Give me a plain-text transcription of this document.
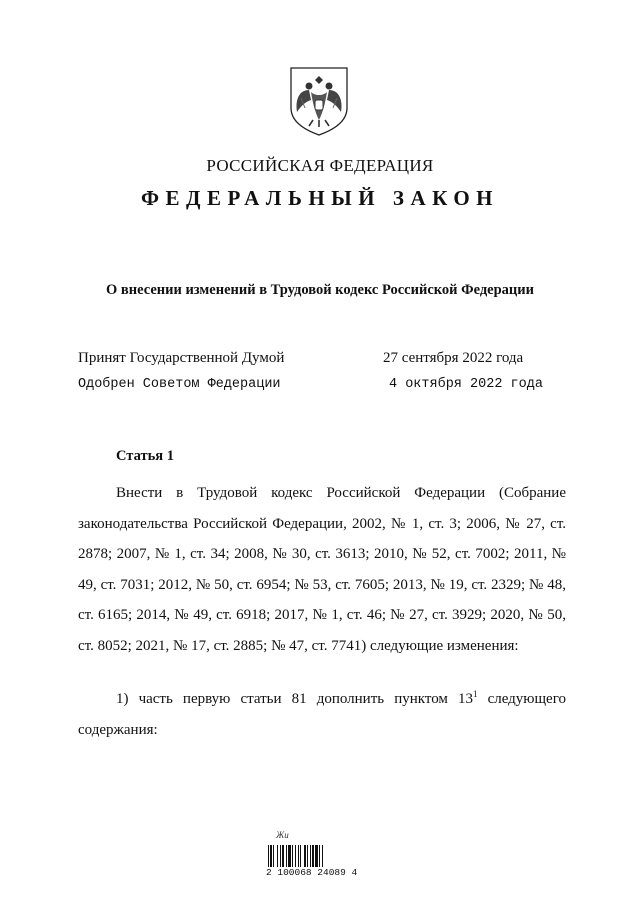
РОССИЙСКАЯ ФЕДЕРАЦИЯ
ФЕДЕРАЛЬНЫЙ ЗАКОН
О внесении изменений в Трудовой кодекс Российской Федерации
Принят Государственной Думой	27 сентября 2022 года
Одобрен Советом Федерации	4 октября 2022 года
Статья 1
Внести в Трудовой кодекс Российской Федерации (Собрание законодательства Российской Федерации, 2002, № 1, ст. 3; 2006, № 27, ст. 2878; 2007, № 1, ст. 34; 2008, № 30, ст. 3613; 2010, № 52, ст. 7002; 2011, № 49, ст. 7031; 2012, № 50, ст. 6954; № 53, ст. 7605; 2013, № 19, ст. 2329; № 48, ст. 6165; 2014, № 49, ст. 6918; 2017, № 1, ст. 46; № 27, ст. 3929; 2020, № 50, ст. 8052; 2021, № 17, ст. 2885; № 47, ст. 7741) следующие изменения:
1) часть первую статьи 81 дополнить пунктом $13^1$ следующего содержания:
Жи
2 100068 24089 4
